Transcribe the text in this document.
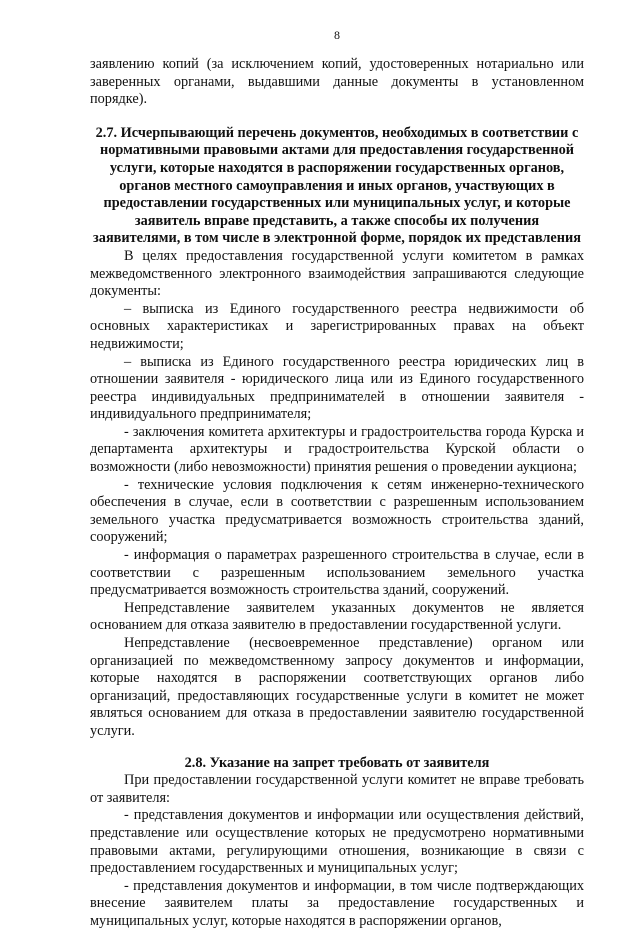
8

заявлению копий (за исключением копий, удостоверенных нотариально или заверенных органами, выдавшими данные документы в установленном порядке).

2.7. Исчерпывающий перечень документов, необходимых в соответствии с нормативными правовыми актами для предоставления государственной услуги, которые находятся в распоряжении государственных органов, органов местного самоуправления и иных органов, участвующих в предоставлении государственных или муниципальных услуг, и которые заявитель вправе представить, а также способы их получения заявителями, в том числе в электронной форме, порядок их представления

В целях предоставления государственной услуги комитетом в рамках межведомственного электронного взаимодействия запрашиваются следующие документы:

– выписка из Единого государственного реестра недвижимости об основных характеристиках и зарегистрированных правах на объект недвижимости;

– выписка из Единого государственного реестра юридических лиц в отношении заявителя - юридического лица или из Единого государственного реестра индивидуальных предпринимателей в отношении заявителя - индивидуального предпринимателя;

- заключения комитета архитектуры и градостроительства города Курска и департамента архитектуры и градостроительства Курской области о возможности (либо невозможности) принятия решения о проведении аукциона;

- технические условия подключения к сетям инженерно-технического обеспечения в случае, если в соответствии с разрешенным использованием земельного участка предусматривается возможность строительства зданий, сооружений;

- информация о параметрах разрешенного строительства в случае, если в соответствии с разрешенным использованием земельного участка предусматривается возможность строительства зданий, сооружений.

Непредставление заявителем указанных документов не является основанием для отказа заявителю в предоставлении государственной услуги.

Непредставление (несвоевременное представление) органом или организацией по межведомственному запросу документов и информации, которые находятся в распоряжении соответствующих органов либо организаций, предоставляющих государственные услуги в комитет не может являться основанием для отказа в предоставлении заявителю государственной услуги.

2.8. Указание на запрет требовать от заявителя

При предоставлении государственной услуги комитет не вправе требовать от заявителя:

- представления документов и информации или осуществления действий, представление или осуществление которых не предусмотрено нормативными правовыми актами, регулирующими отношения, возникающие в связи с предоставлением государственных и муниципальных услуг;

- представления документов и информации, в том числе подтверждающих внесение заявителем платы за предоставление государственных и муниципальных услуг, которые находятся в распоряжении органов,
